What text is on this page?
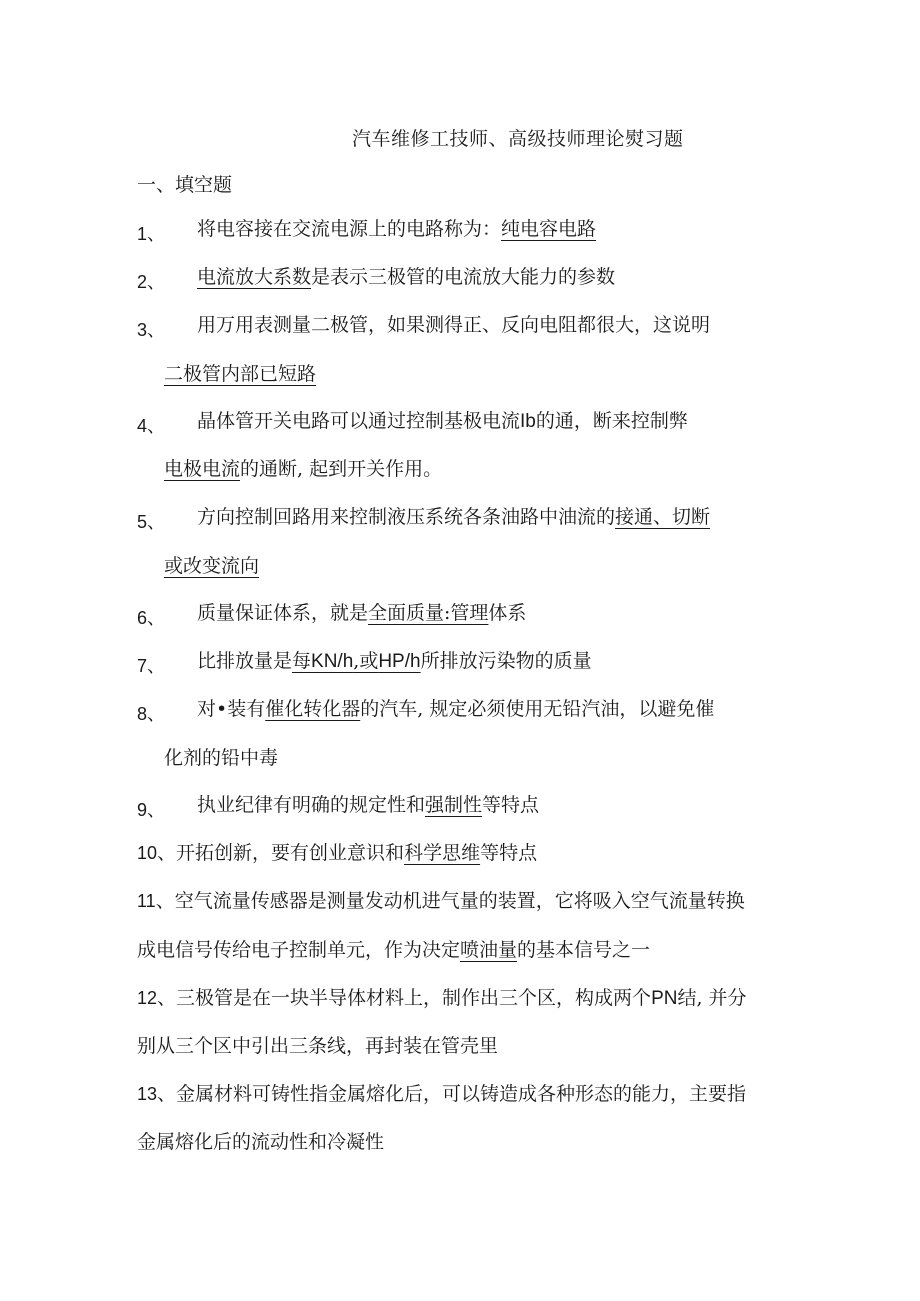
汽车维修工技师、高级技师理论熨习题
一、填空题
1、 将电容接在交流电源上的电路称为：纯电容电路
2、 电流放大系数是表示三极管的电流放大能力的参数
3、 用万用表测量二极管，如果测得正、反向电阻都很大，这说明
二极管内部已短路
4、 晶体管开关电路可以通过控制基极电流Ib的通，断来控制弊
电极电流的通断, 起到开关作用。
5、 方向控制回路用来控制液压系统各条油路中油流的接通、切断
或改变流向
6、 质量保证体系，就是全面质量:管理体系
7、 比排放量是每KN/h,或HP/h所排放污染物的质量
8、 对•装有催化转化器的汽车, 规定必须使用无铅汽油，以避免催
化剂的铅中毒
9、 执业纪律有明确的规定性和强制性等特点
10、开拓创新，要有创业意识和科学思维等特点
11、空气流量传感器是测量发动机进气量的装置，它将吸入空气流量转换
成电信号传给电子控制单元，作为决定喷油量的基本信号之一
12、三极管是在一块半导体材料上，制作出三个区，构成两个PN结, 并分
别从三个区中引出三条线，再封装在管壳里
13、金属材料可铸性指金属熔化后，可以铸造成各种形态的能力，主要指
金属熔化后的流动性和冷凝性
